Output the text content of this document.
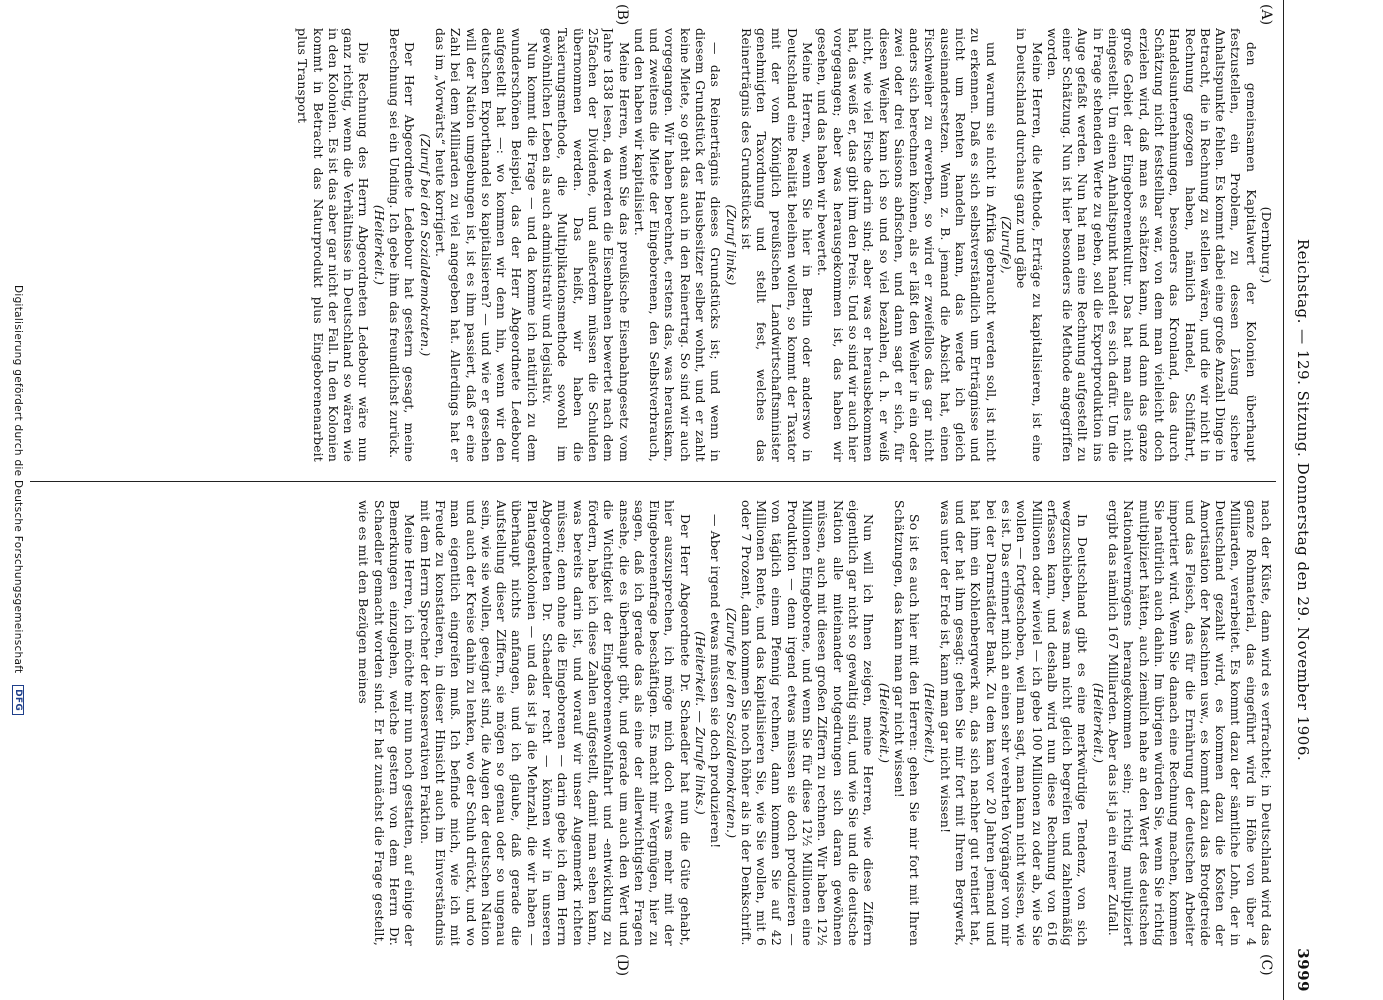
Reichstag. — 129. Sitzung. Donnerstag den 29. November 1906.
3999
(A)
(B)
(C)
(D)

(Dernburg.)

den gemeinsamen Kapitalwert der Kolonien überhaupt festzustellen, ein Problem, zu dessen Lösung sichere Anhaltspunkte fehlen. Es kommt dabei eine große Anzahl Dinge in Betracht, die in Rechnung zu stellen wären, und die wir nicht in Rechnung gezogen haben, nämlich Handel, Schiffahrt, Handelsunternehmungen, besonders das Kronland, das durch Schätzung nicht feststellbar war, von dem man vielleicht doch erzielen wird, daß man es schätzen kann, und dann das ganze große Gebiet der Eingeborenenkultur. Das hat man alles nicht eingestellt. Um einen Anhaltspunkt handelt es sich dafür. Um die in Frage stehenden Werte zu geben, soll die Exportproduktion ins Auge gefaßt werden. Nun hat man eine Rechnung aufgestellt zu einer Schätzung. Nun ist hier besonders die Methode angegriffen worden.

Meine Herren, die Methode, Erträge zu kapitalisieren, ist eine in Deutschland durchaus ganz und gäbe

(Zurufe),

und warum sie nicht in Afrika gebraucht werden soll, ist nicht zu erkennen. Daß es sich selbstverständlich um Erträgnisse und nicht um Renten handeln kann, das werde ich gleich auseinandersetzen. Wenn z. B. jemand die Absicht hat, einen Fischweiher zu erwerben, so wird er zweifellos das gar nicht anders sich berechnen können, als er läßt den Weiher in ein oder zwei oder drei Saisons abfischen, und dann sagt er sich, für diesen Weiher kann ich so und so viel bezahlen, d. h. er weiß nicht, wie viel Fische darin sind; aber was er herausbekommen hat, das weiß er, das gibt ihm den Preis. Und so sind wir auch hier vorgegangen; aber was herausgekommen ist, das haben wir gesehen, und das haben wir bewertet.

Meine Herren, wenn Sie hier in Berlin oder anderswo in Deutschland eine Realität beleihen wollen, so kommt der Taxator mit der vom Königlich preußischen Landwirtschaftsminister genehmigten Taxordnung und stellt fest, welches das Reinerträgnis des Grundstücks ist

(Zuruf links)

— das Reinerträgnis dieses Grundstücks ist; und wenn in diesem Grundstück der Hausbesitzer selber wohnt, und er zahlt keine Miete, so geht das auch in den Reinertrag. So sind wir auch vorgegangen. Wir haben berechnet, erstens das, was herauskam, und zweitens die Miete der Eingeborenen, den Selbstverbrauch, und den haben wir kapitalisiert.

Meine Herren, wenn Sie das preußische Eisenbahngesetz vom Jahre 1838 lesen, da werden die Eisenbahnen bewertet nach dem 25fachen der Dividende, und außerdem müssen die Schulden übernommen werden. Das heißt, wir haben die Taxierungsmethode, die Multiplikationsmethode sowohl im gewöhnlichen Leben als auch administrativ und legislativ.

Nun kommt die Frage — und da komme ich natürlich zu dem wunderschönen Beispiel, das der Herr Abgeordnete Ledebour aufgestellt hat —: wo kommen wir denn hin, wenn wir den deutschen Exporthandel so kapitalisieren? — und wie er gesehen will der Nation umgebungen ist, ist es ihm passiert, daß er eine Zahl bei dem Milliarden zu viel angegeben hat. Allerdings hat er das im „Vorwärts“ heute korrigiert.

(Zuruf bei den Sozialdemokraten.)

Der Herr Abgeordnete Ledebour hat gestern gesagt, meine Berechnung sei ein Unding. Ich gebe ihm das freundlichst zurück.

(Heiterkeit.)

Die Rechnung des Herrn Abgeordneten Ledebour wäre nun ganz richtig, wenn die Verhältnisse in Deutschland so wären wie in den Kolonien. Es ist das aber gar nicht der Fall. In den Kolonien kommt in Betracht das Naturprodukt plus Eingeborenenarbeit plus Transport

nach der Küste, dann wird es verfrachtet; in Deutschland wird das ganze Rohmaterial, das eingeführt wird in Höhe von über 4 Milliarden, verarbeitet. Es kommt dazu der sämtliche Lohn, der in Deutschland gezahlt wird, es kommen dazu die Kosten der Amortisation der Maschinen usw., es kommt dazu das Brotgetreide und das Fleisch, das für die Ernährung der deutschen Arbeiter importiert wird. Wenn Sie danach eine Rechnung machen, kommen Sie natürlich auch dahin. Im übrigen würden Sie, wenn Sie richtig multipliziert hätten, auch ziemlich nahe an den Wert des deutschen Nationalvermögens herangekommen sein; richtig multipliziert ergibt das nämlich 167 Milliarden. Aber das ist ja ein reiner Zufall.

(Heiterkeit.)

In Deutschland gibt es eine merkwürdige Tendenz, von sich wegzuschieben, was man nicht gleich begreifen und zahlenmäßig erfassen kann, und deshalb wird nun diese Rechnung von 616 Millionen oder wieviel — ich gebe 100 Millionen zu oder ab, wie Sie wollen — fortgeschoben, weil man sagt, man kann nicht wissen, wie es ist. Das erinnert mich an einen sehr verehrten Vorgänger von mir bei der Darmstädter Bank. Zu dem kam vor 20 Jahren jemand und hat ihm ein Kohlenbergwerk an, das sich nachher gut rentiert hat, und der hat ihm gesagt: gehen Sie mir fort mit Ihrem Bergwerk, was unter der Erde ist, kann man gar nicht wissen!

(Heiterkeit.)

So ist es auch hier mit den Herren: gehen Sie mir fort mit Ihren Schätzungen, das kann man gar nicht wissen!

(Heiterkeit.)

Nun will ich Ihnen zeigen, meine Herren, wie diese Ziffern eigentlich gar nicht so gewaltig sind, und wie Sie und die deutsche Nation alle miteinander notgedrungen sich daran gewöhnen müssen, auch mit diesen großen Ziffern zu rechnen. Wir haben 12½ Millionen Eingeborene, und wenn Sie für diese 12½ Millionen eine Produktion — denn irgend etwas müssen sie doch produzieren — von täglich einem Pfennig rechnen, dann kommen Sie auf 42 Millionen Rente, und das kapitalisieren Sie, wie Sie wollen, mit 6 oder 7 Prozent, dann kommen Sie noch höher als in der Denkschrift.

(Zurufe bei den Sozialdemokraten.)

— Aber irgend etwas müssen sie doch produzieren!

(Heiterkeit. — Zurufe links.)

Der Herr Abgeordnete Dr. Schaedler hat nun die Güte gehabt, hier auszusprechen, ich möge mich doch etwas mehr mit der Eingeborenenfrage beschäftigen. Es macht mir Vergnügen, hier zu sagen, daß ich gerade das als eine der allerwichtigsten Fragen ansehe, die es überhaupt gibt, und gerade um auch den Wert und die Wichtigkeit der Eingeborenenwohlfahrt und -entwicklung zu fördern, habe ich diese Zahlen aufgestellt, damit man sehen kann, was bereits darin ist, und worauf wir unser Augenmerk richten müssen; denn ohne die Eingeborenen — darin gebe ich dem Herrn Abgeordneten Dr. Schaedler recht — können wir in unseren Plantagenkolonien — und das ist ja die Mehrzahl, die wir haben — überhaupt nichts anfangen, und ich glaube, daß gerade die Aufstellung dieser Ziffern, sie mögen so genau oder so ungenau sein, wie sie wollen, geeignet sind, die Augen der deutschen Nation und auch der Kreise dahin zu lenken, wo der Schuh drückt, und wo man eigentlich eingreifen muß. Ich befinde mich, wie ich mit Freude zu konstatieren, in dieser Hinsicht auch im Einverständnis mit dem Herrn Sprecher der konservativen Fraktion.

Meine Herren, ich möchte mir nun noch gestatten, auf einige der Bemerkungen einzugehen, welche gestern von dem Herrn Dr. Schaedler gemacht worden sind. Er hat zunächst die Frage gestellt, wie es mit den Bezügen meines

Digitalisierung gefördert durch die Deutsche Forschungsgemeinschaft DFG
